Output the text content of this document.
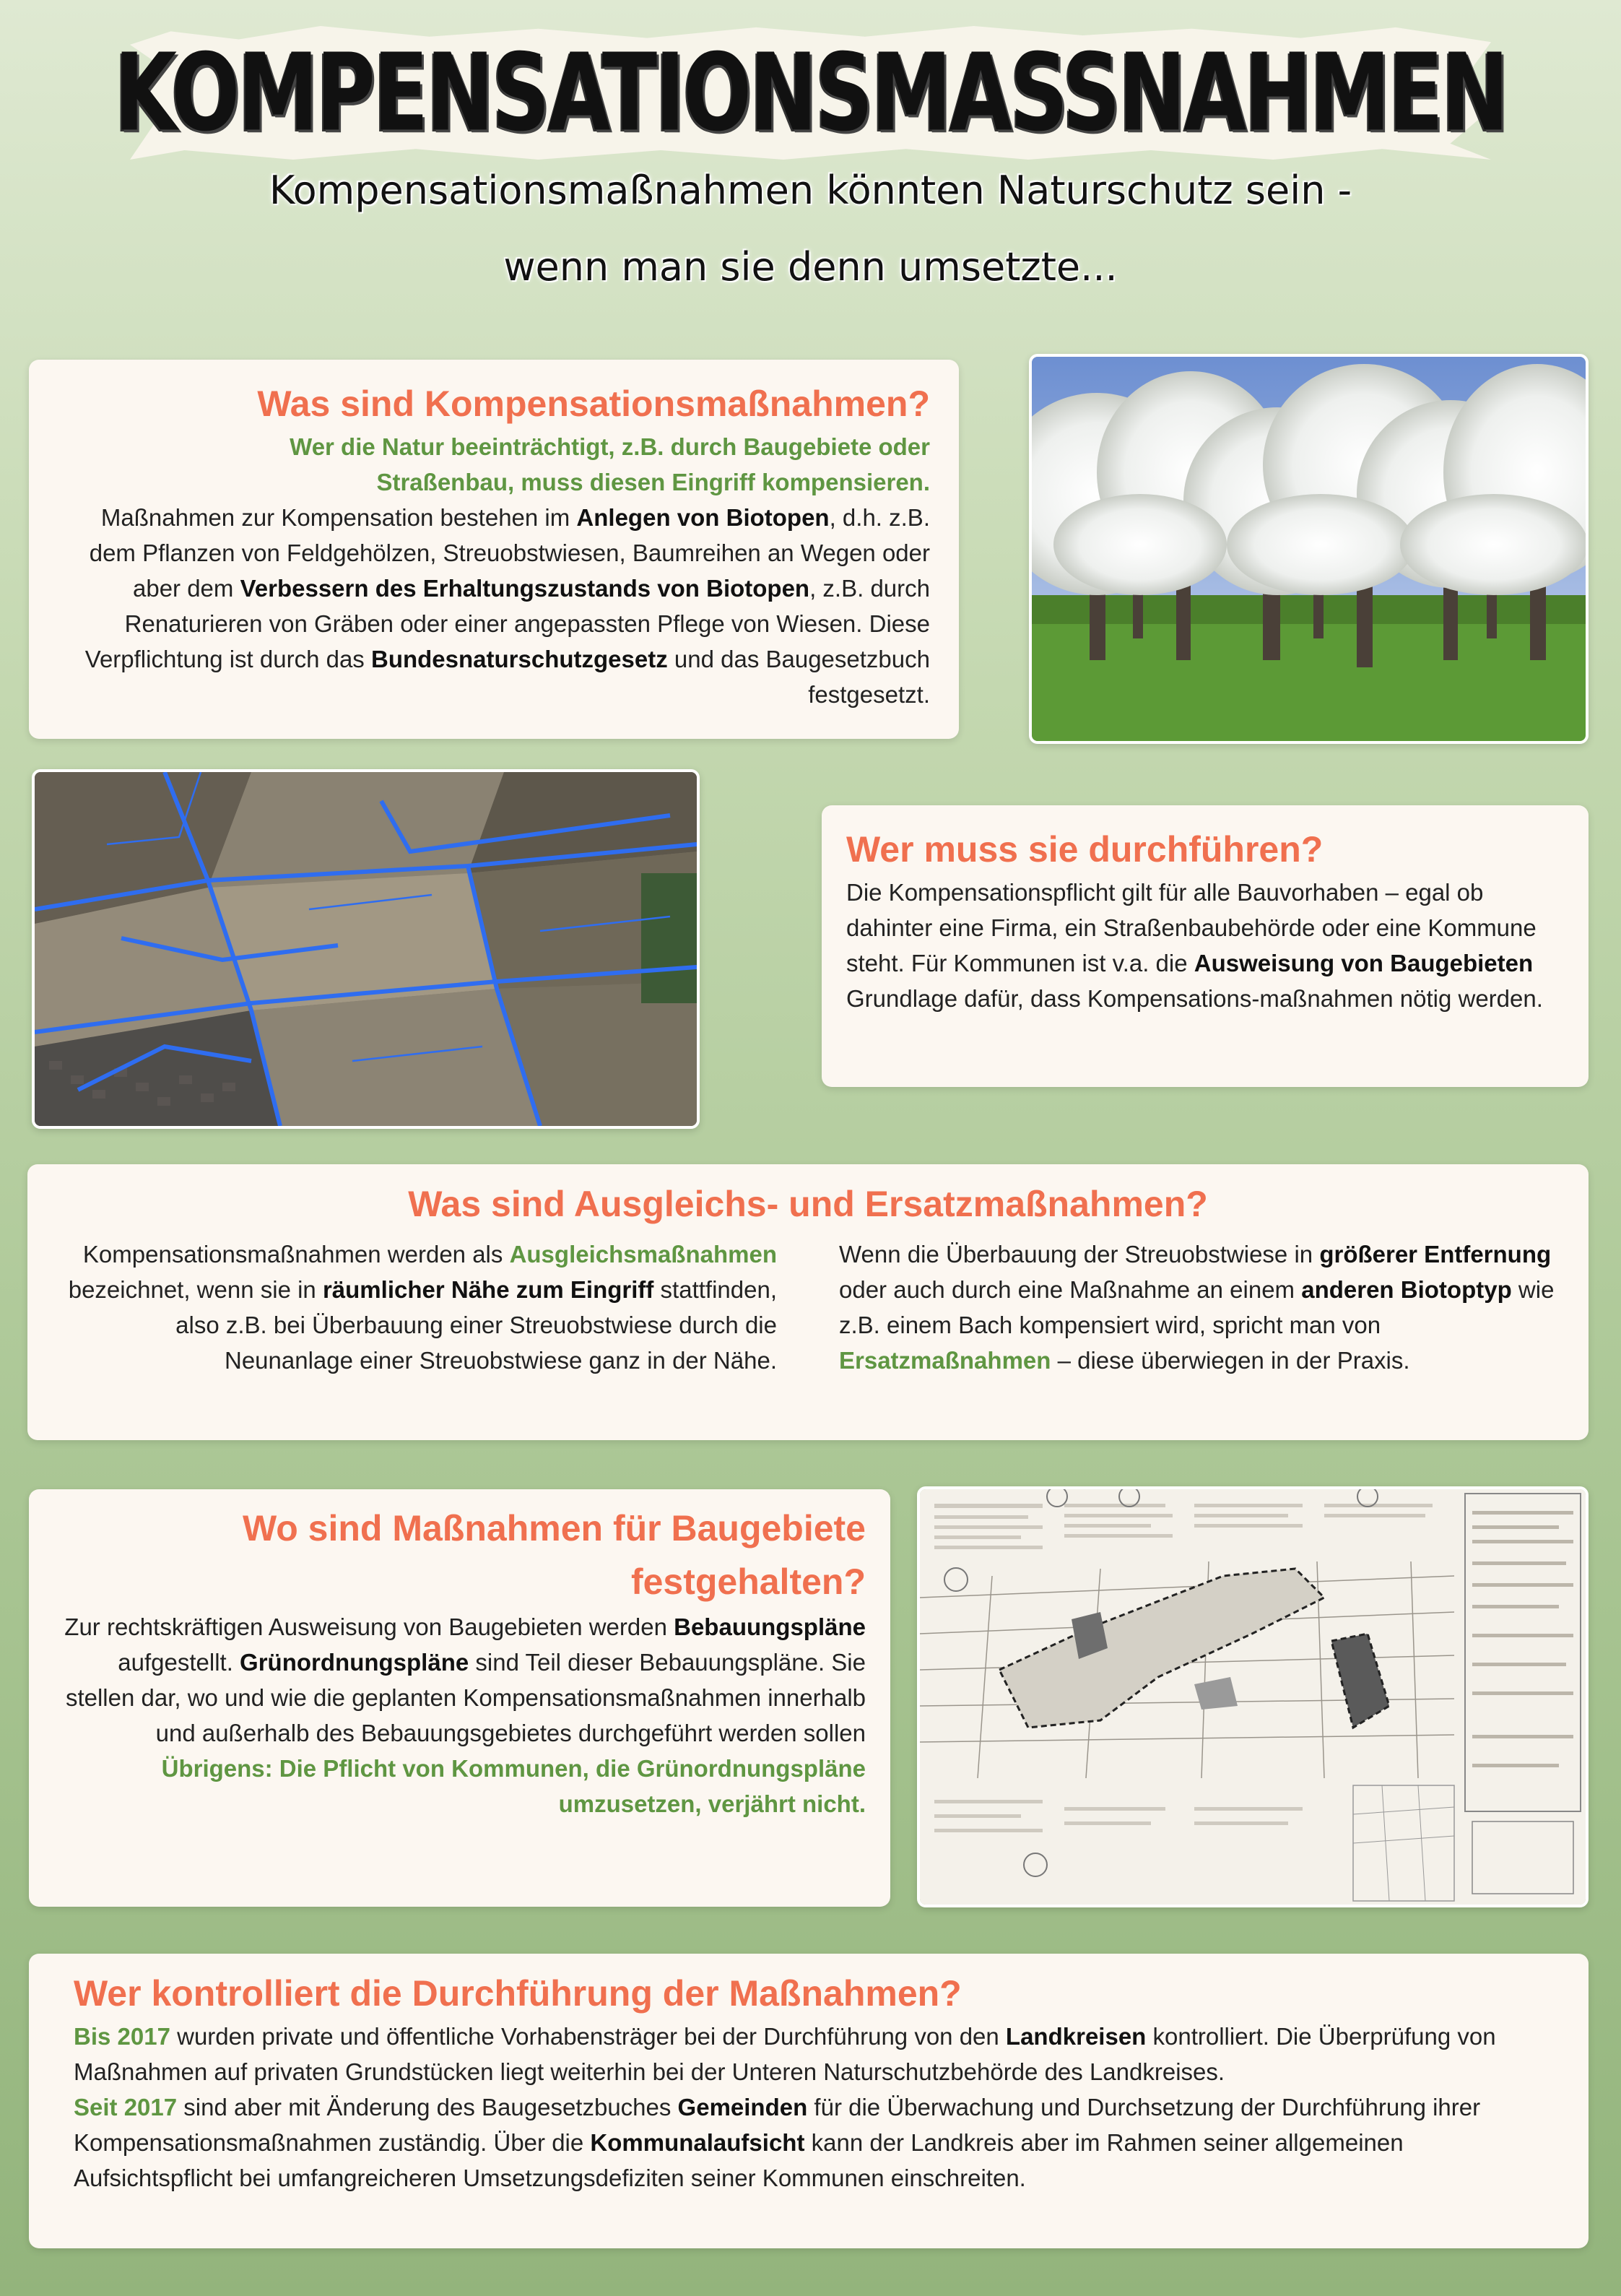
KOMPENSATIONSMASSNAHMEN
Kompensationsmaßnahmen könnten Naturschutz sein -
wenn man sie denn umsetzte...
Was sind Kompensationsmaßnahmen?

Wer die Natur beeinträchtigt, z.B. durch Baugebiete oder
Straßenbau, muss diesen Eingriff kompensieren.
Maßnahmen zur Kompensation bestehen im Anlegen von Biotopen, d.h. z.B. dem Pflanzen von Feldgehölzen, Streuobstwiesen, Baumreihen an Wegen oder aber dem Verbessern des Erhaltungszustands von Biotopen, z.B. durch Renaturieren von Gräben oder einer angepassten Pflege von Wiesen. Diese Verpflichtung ist durch das Bundesnaturschutzgesetz und das Baugesetzbuch festgesetzt.

Wer muss sie durchführen?

Die Kompensationspflicht gilt für alle Bauvorhaben – egal ob dahinter eine Firma, ein Straßenbaubehörde oder eine Kommune steht. Für Kommunen ist v.a. die Ausweisung von Baugebieten Grundlage dafür, dass Kompensations-maßnahmen nötig werden.

Was sind Ausgleichs- und Ersatzmaßnahmen?

Kompensationsmaßnahmen werden als Ausgleichsmaßnahmen bezeichnet, wenn sie in räumlicher Nähe zum Eingriff stattfinden, also z.B. bei Überbauung einer Streuobstwiese durch die Neunanlage einer Streuobstwiese ganz in der Nähe.

Wenn die Überbauung der Streuobstwiese in größerer Entfernung oder auch durch eine Maßnahme an einem anderen Biotoptyp wie z.B. einem Bach kompensiert wird, spricht man von Ersatzmaßnahmen – diese überwiegen in der Praxis.

Wo sind Maßnahmen für Baugebiete
festgehalten?

Zur rechtskräftigen Ausweisung von Baugebieten werden Bebauungspläne aufgestellt. Grünordnungspläne sind Teil dieser Bebauungspläne. Sie stellen dar, wo und wie die geplanten Kompensationsmaßnahmen innerhalb und außerhalb des Bebauungsgebietes durchgeführt werden sollen
Übrigens: Die Pflicht von Kommunen, die Grünordnungspläne umzusetzen, verjährt nicht.

Wer kontrolliert die Durchführung der Maßnahmen?

Bis 2017 wurden private und öffentliche Vorhabensträger bei der Durchführung von den Landkreisen kontrolliert. Die Überprüfung von Maßnahmen auf privaten Grundstücken liegt weiterhin bei der Unteren Naturschutzbehörde des Landkreises.
Seit 2017 sind aber mit Änderung des Baugesetzbuches Gemeinden für die Überwachung und Durchsetzung der Durchführung ihrer Kompensationsmaßnahmen zuständig. Über die Kommunalaufsicht kann der Landkreis aber im Rahmen seiner allgemeinen Aufsichtspflicht bei umfangreicheren Umsetzungsdefiziten seiner Kommunen einschreiten.
